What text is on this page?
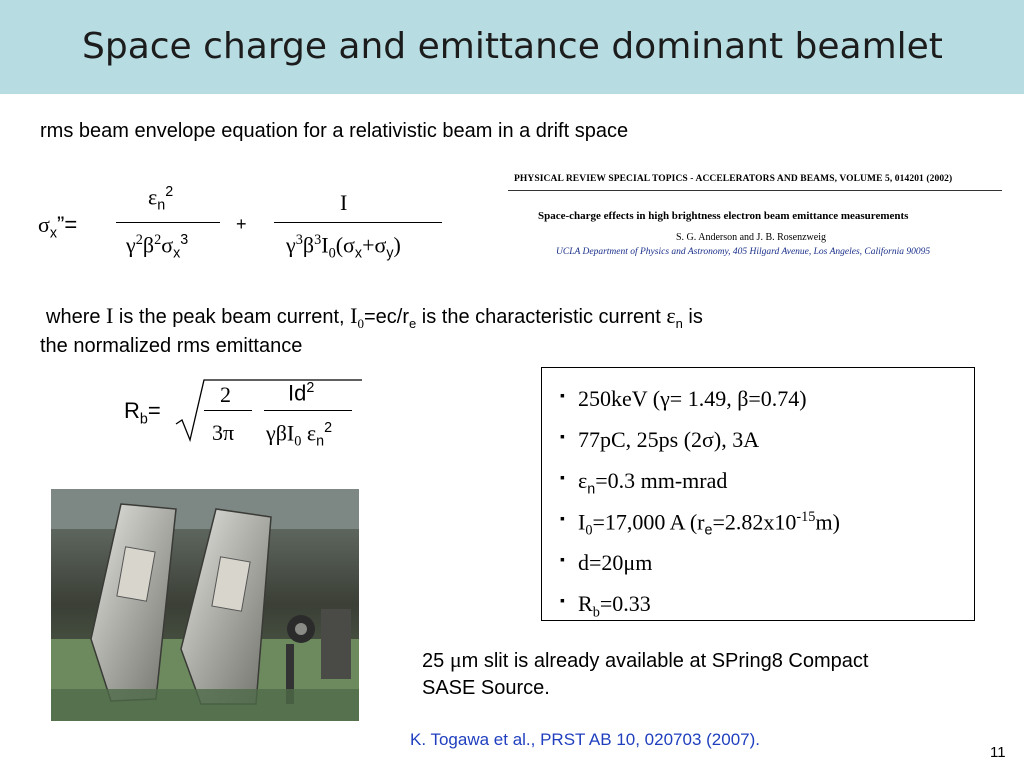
Space charge and emittance dominant beamlet
rms beam envelope equation for a relativistic beam in a drift space
$\sigma_x”=$
$\varepsilon_n^2$
$\gamma^2\beta^2\sigma_x^3$
+
I
$\gamma^3\beta^3I_0(\sigma_x+\sigma_y)$
PHYSICAL REVIEW SPECIAL TOPICS - ACCELERATORS AND BEAMS, VOLUME 5, 014201 (2002)
Space-charge effects in high brightness electron beam emittance measurements
S. G. Anderson and J. B. Rosenzweig
UCLA Department of Physics and Astronomy, 405 Hilgard Avenue, Los Angeles, California 90095
where I is the peak beam current, $I_0=ec/r_e$ is the characteristic current $\varepsilon_n$ is
the normalized rms emittance
$R_b=$
2
3π
Id$^2$
γβI$_0$ $\varepsilon_n^2$
▪ 250keV (γ= 1.49, β=0.74)
▪ 77pC, 25ps (2σ), 3A
▪ $\varepsilon_n=0.3$ mm-mrad
▪ $I_0=17,000$ A $(r_e=2.82x10^{-15}m)$
▪ d=20μm
▪ $R_b=0.33$
25 μm slit is already available at SPring8 Compact
SASE Source.
K. Togawa et al., PRST AB 10, 020703 (2007).
11
